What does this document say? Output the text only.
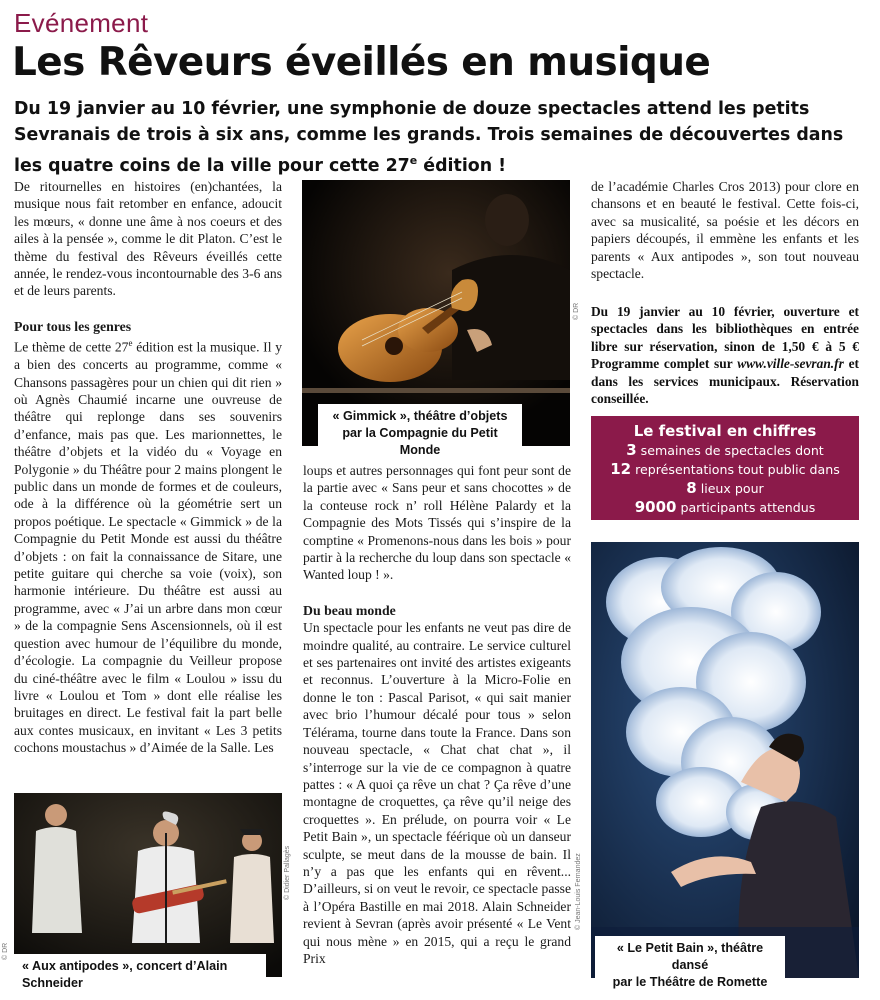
Evénement
Les Rêveurs éveillés en musique
Du 19 janvier au 10 février, une symphonie de douze spectacles attend les petits Sevranais de trois à six ans, comme les grands. Trois semaines de découvertes dans les quatre coins de la ville pour cette 27e édition !

De ritournelles en histoires (en)chantées, la musique nous fait retomber en enfance, adoucit les mœurs, « donne une âme à nos coeurs et des ailes à la pensée », comme le dit Platon. C’est le thème du festival des Rêveurs éveillés cette année, le rendez-vous incontournable des 3-6 ans et de leurs parents.

Pour tous les genres

Le thème de cette 27e édition est la musique. Il y a bien des concerts au programme, comme « Chansons passagères pour un chien qui dit rien » où Agnès Chaumié incarne une ouvreuse de théâtre qui replonge dans ses souvenirs d’enfance, mais pas que. Les marionnettes, le théâtre d’objets et la vidéo du « Voyage en Polygonie » du Théâtre pour 2 mains plongent le public dans un monde de formes et de couleurs, ode à la différence où la géométrie sert un propos poétique. Le spectacle « Gimmick » de la Compagnie du Petit Monde est aussi du théâtre d’objets : on fait la connaissance de Sitare, une petite guitare qui cherche sa voie (voix), son harmonie intérieure. Du théâtre est aussi au programme, avec « J’ai un arbre dans mon cœur » de la compagnie Sens Ascensionnels, où il est question avec humour de l’équilibre du monde, d’écologie. La compagnie du Veilleur propose du ciné-théâtre avec le film « Loulou » issu du livre « Loulou et Tom » dont elle réalise les bruitages en direct. Le festival fait la part belle aux contes musicaux, en invitant « Les 3 petits cochons moustachus » d’Aimée de la Salle. Les

« Gimmick », théâtre d’objets
par la Compagnie du Petit Monde
© DR

loups et autres personnages qui font peur sont de la partie avec « Sans peur et sans chocottes » de la conteuse rock n’ roll Hélène Palardy et la Compagnie des Mots Tissés qui s’inspire de la comptine « Promenons-nous dans les bois » pour partir à la recherche du loup dans son spectacle « Wanted loup ! ».

Du beau monde

Un spectacle pour les enfants ne veut pas dire de moindre qualité, au contraire. Le service culturel et ses partenaires ont invité des artistes exigeants et reconnus. L’ouverture à la Micro-Folie en donne le ton : Pascal Parisot, « qui sait manier avec brio l’humour décalé pour tous » selon Télérama, tourne dans toute la France. Dans son nouveau spectacle, « Chat chat chat », il s’interroge sur la vie de ce compagnon à quatre pattes : « A quoi ça rêve un chat ? Ça rêve d’une montagne de croquettes, ça rêve qu’il neige des croquettes ». En prélude, on pourra voir « Le Petit Bain », un spectacle féérique où un danseur sculpte, se meut dans de la mousse de bain. Il n’y a pas que les enfants qui en rêvent... D’ailleurs, si on veut le revoir, ce spectacle passe à l’Opéra Bastille en mai 2018. Alain Schneider revient à Sevran (après avoir présenté « Le Vent qui nous mène » en 2015, qui a reçu le grand Prix

de l’académie Charles Cros 2013) pour clore en chansons et en beauté le festival. Cette fois-ci, avec sa musicalité, sa poésie et les décors en papiers découpés, il emmène les enfants et les parents « Aux antipodes », son tout nouveau spectacle.

Du 19 janvier au 10 février, ouverture et spectacles dans les bibliothèques en entrée libre sur réservation, sinon de 1,50 € à 5 € Programme complet sur www.ville-sevran.fr et dans les services municipaux. Réservation conseillée.
Le festival en chiffres
3 semaines de spectacles dont
12 représentations tout public dans
8 lieux pour
9000 participants attendus
« Le Petit Bain », théâtre dansé
par le Théâtre de Romette
© Jean-Louis Fernandez
« Aux antipodes », concert d’Alain Schneider
© DR
© Didier Pallagès
